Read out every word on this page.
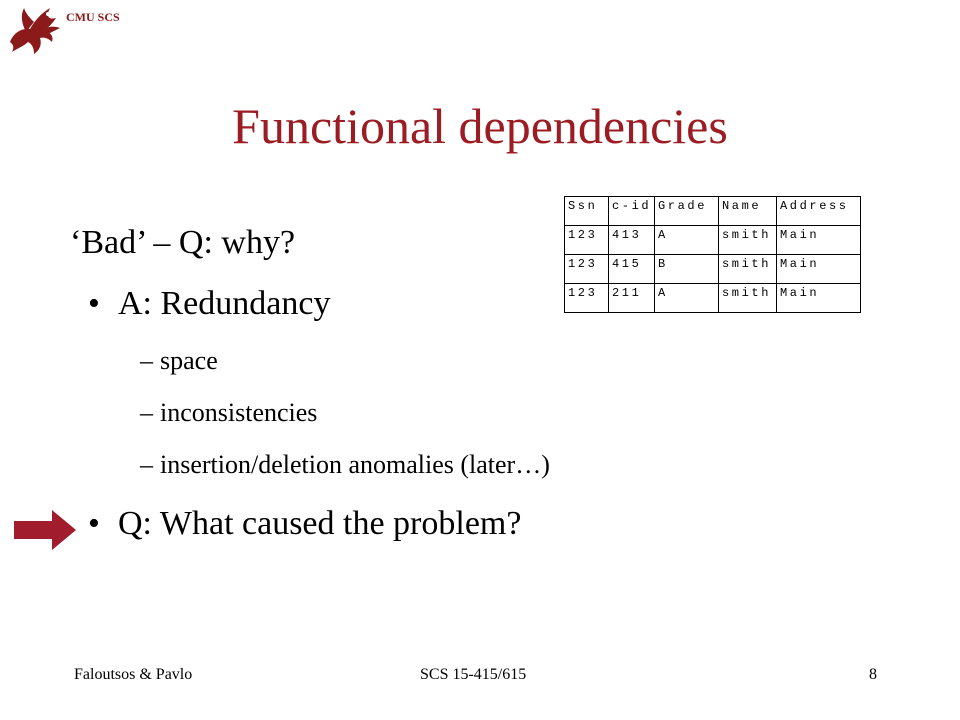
CMU SCS
Functional dependencies
‘Bad’ – Q: why?
• A: Redundancy
– space
– inconsistencies
– insertion/deletion anomalies (later…)
• Q: What caused the problem?
Ssn	c-id	Grade	Name	Address
123	413	A	smith	Main
123	415	B	smith	Main
123	211	A	smith	Main
Faloutsos & Pavlo	SCS 15-415/615	8
